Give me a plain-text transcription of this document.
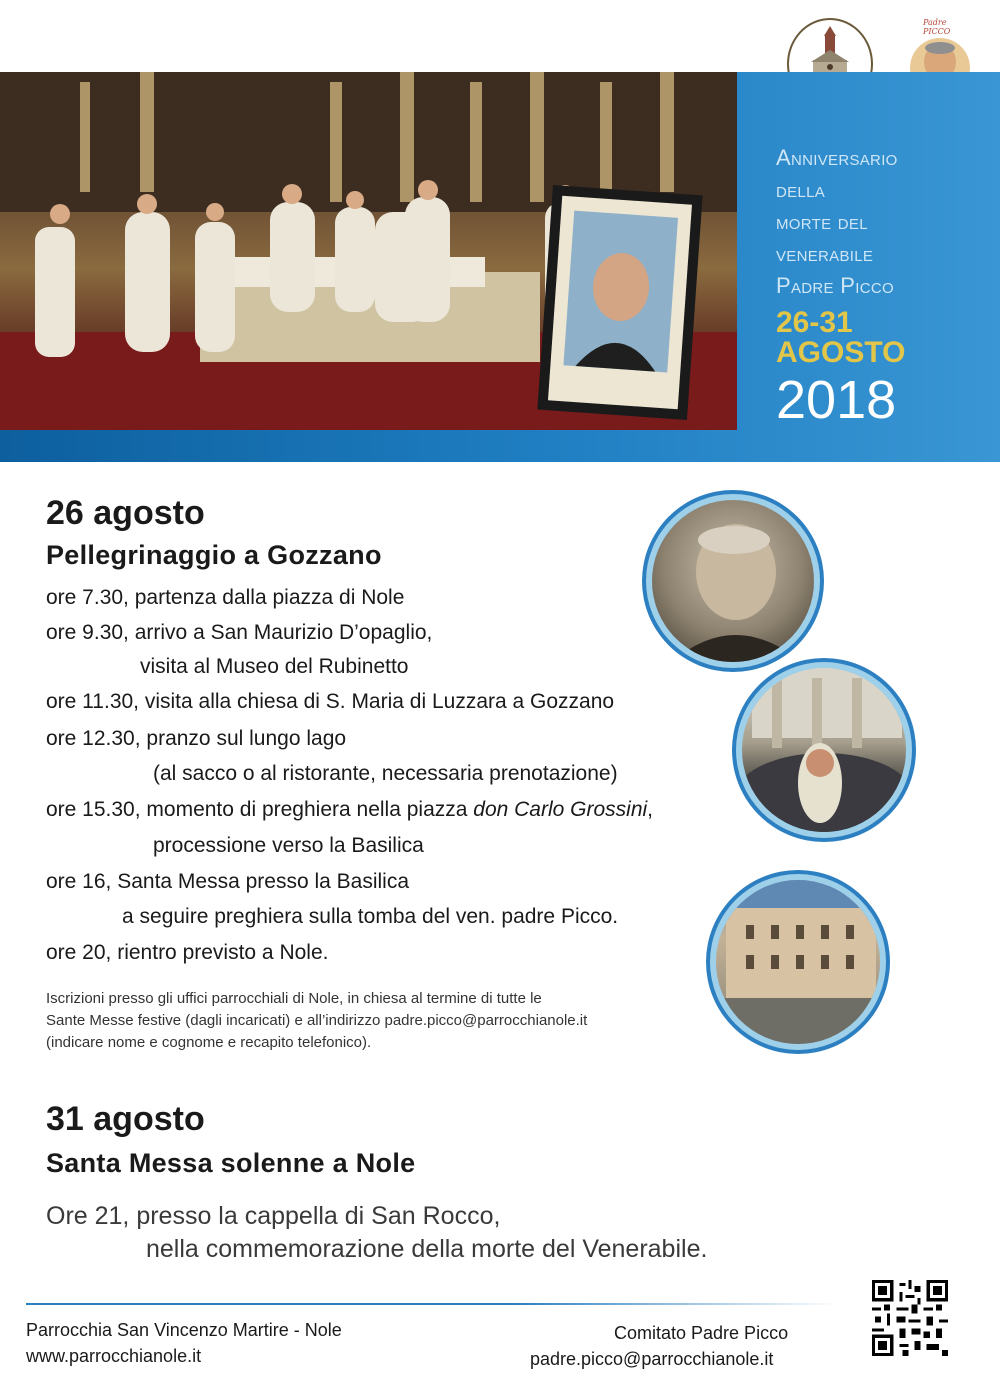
Padre PICCO
Anniversario
della
morte del
venerabile
Padre Picco
26-31
AGOSTO
2018
26 agosto
Pellegrinaggio a Gozzano
ore 7.30, partenza dalla piazza di Nole
ore 9.30, arrivo a San Maurizio D’opaglio,
visita al Museo del Rubinetto
ore 11.30, visita alla chiesa di S. Maria di Luzzara a Gozzano
ore 12.30, pranzo sul lungo lago
(al sacco o al ristorante, necessaria prenotazione)
ore 15.30, momento di preghiera nella piazza don Carlo Grossini,
processione verso la Basilica
ore 16, Santa Messa presso la Basilica
a seguire preghiera sulla tomba del ven. padre Picco.
ore 20, rientro previsto a Nole.
Iscrizioni presso gli uffici parrocchiali di Nole, in chiesa al termine di tutte le
Sante Messe festive (dagli incaricati) e all’indirizzo padre.picco@parrocchianole.it
(indicare nome e cognome e recapito telefonico).
31 agosto
Santa Messa solenne a Nole
Ore 21, presso la cappella di San Rocco,
nella commemorazione della morte del Venerabile.
Parrocchia San Vincenzo Martire - Nole
www.parrocchianole.it
Comitato Padre Picco
padre.picco@parrocchianole.it
